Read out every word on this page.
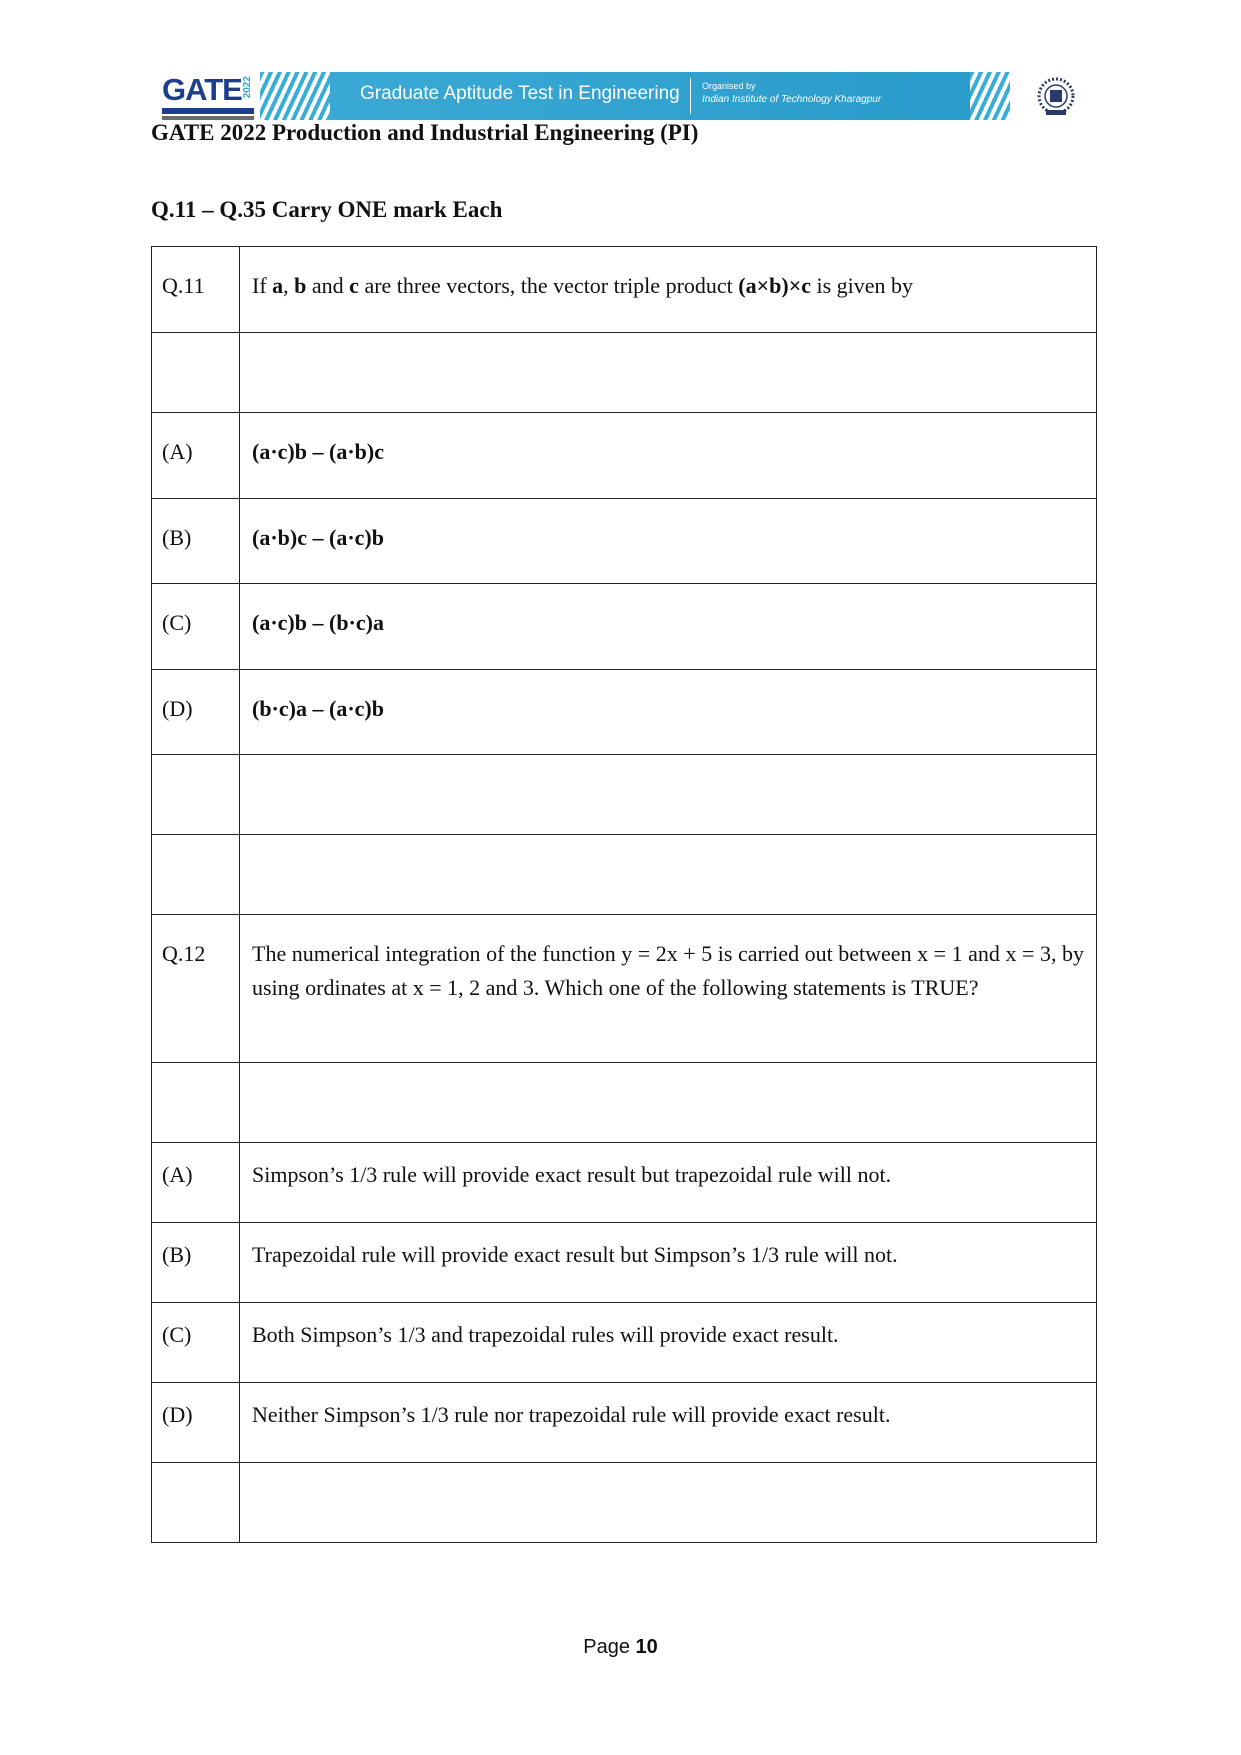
GATE 2022	Graduate Aptitude Test in Engineering Organised by
Indian Institute of Technology Kharagpur
GATE 2022 Production and Industrial Engineering (PI)
Q.11 – Q.35 Carry ONE mark Each
Q.11	If a, b and c are three vectors, the vector triple product (a×b)×c is given by

(A)	(a·c)b – (a·b)c
(B)	(a·b)c – (a·c)b
(C)	(a·c)b – (b·c)a
(D)	(b·c)a – (a·c)b

Q.12	The numerical integration of the function y = 2x + 5 is carried out between x = 1 and x = 3, by using ordinates at x = 1, 2 and 3. Which one of the following statements is TRUE?

(A)	Simpson’s 1/3 rule will provide exact result but trapezoidal rule will not.
(B)	Trapezoidal rule will provide exact result but Simpson’s 1/3 rule will not.
(C)	Both Simpson’s 1/3 and trapezoidal rules will provide exact result.
(D)	Neither Simpson’s 1/3 rule nor trapezoidal rule will provide exact result.

Page 10
